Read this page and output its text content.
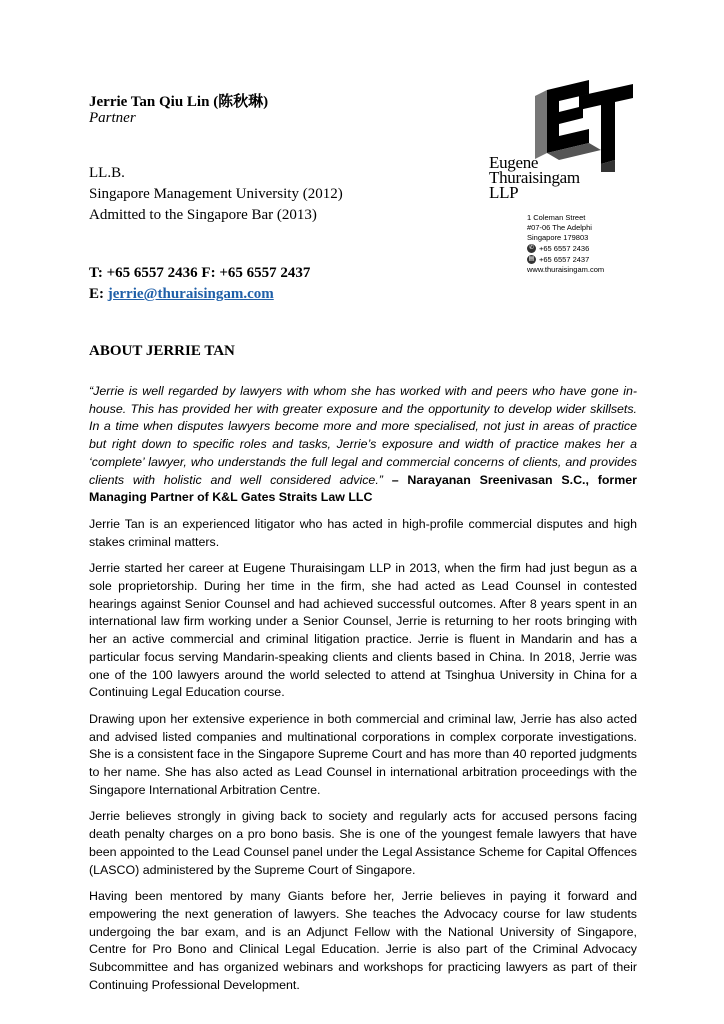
Jerrie Tan Qiu Lin (陈秋琳)
Partner
LL.B.
Singapore Management University (2012)
Admitted to the Singapore Bar (2013)
T: +65 6557 2436 F: +65 6557 2437
E: jerrie@thuraisingam.com
Eugene
Thuraisingam
LLP
1 Coleman Street
#07-06 The Adelphi
Singapore 179803
✆ +65 6557 2436
▤ +65 6557 2437
www.thuraisingam.com
ABOUT JERRIE TAN

“Jerrie is well regarded by lawyers with whom she has worked with and peers who have gone in-house. This has provided her with greater exposure and the opportunity to develop wider skillsets. In a time when disputes lawyers become more and more specialised, not just in areas of practice but right down to specific roles and tasks, Jerrie’s exposure and width of practice makes her a ‘complete’ lawyer, who understands the full legal and commercial concerns of clients, and provides clients with holistic and well considered advice.” – Narayanan Sreenivasan S.C., former Managing Partner of K&L Gates Straits Law LLC

Jerrie Tan is an experienced litigator who has acted in high-profile commercial disputes and high stakes criminal matters.

Jerrie started her career at Eugene Thuraisingam LLP in 2013, when the firm had just begun as a sole proprietorship. During her time in the firm, she had acted as Lead Counsel in contested hearings against Senior Counsel and had achieved successful outcomes. After 8 years spent in an international law firm working under a Senior Counsel, Jerrie is returning to her roots bringing with her an active commercial and criminal litigation practice. Jerrie is fluent in Mandarin and has a particular focus serving Mandarin-speaking clients and clients based in China. In 2018, Jerrie was one of the 100 lawyers around the world selected to attend at Tsinghua University in China for a Continuing Legal Education course.

Drawing upon her extensive experience in both commercial and criminal law, Jerrie has also acted and advised listed companies and multinational corporations in complex corporate investigations. She is a consistent face in the Singapore Supreme Court and has more than 40 reported judgments to her name. She has also acted as Lead Counsel in international arbitration proceedings with the Singapore International Arbitration Centre.

Jerrie believes strongly in giving back to society and regularly acts for accused persons facing death penalty charges on a pro bono basis. She is one of the youngest female lawyers that have been appointed to the Lead Counsel panel under the Legal Assistance Scheme for Capital Offences (LASCO) administered by the Supreme Court of Singapore.

Having been mentored by many Giants before her, Jerrie believes in paying it forward and empowering the next generation of lawyers. She teaches the Advocacy course for law students undergoing the bar exam, and is an Adjunct Fellow with the National University of Singapore, Centre for Pro Bono and Clinical Legal Education. Jerrie is also part of the Criminal Advocacy Subcommittee and has organized webinars and workshops for practicing lawyers as part of their Continuing Professional Development.
